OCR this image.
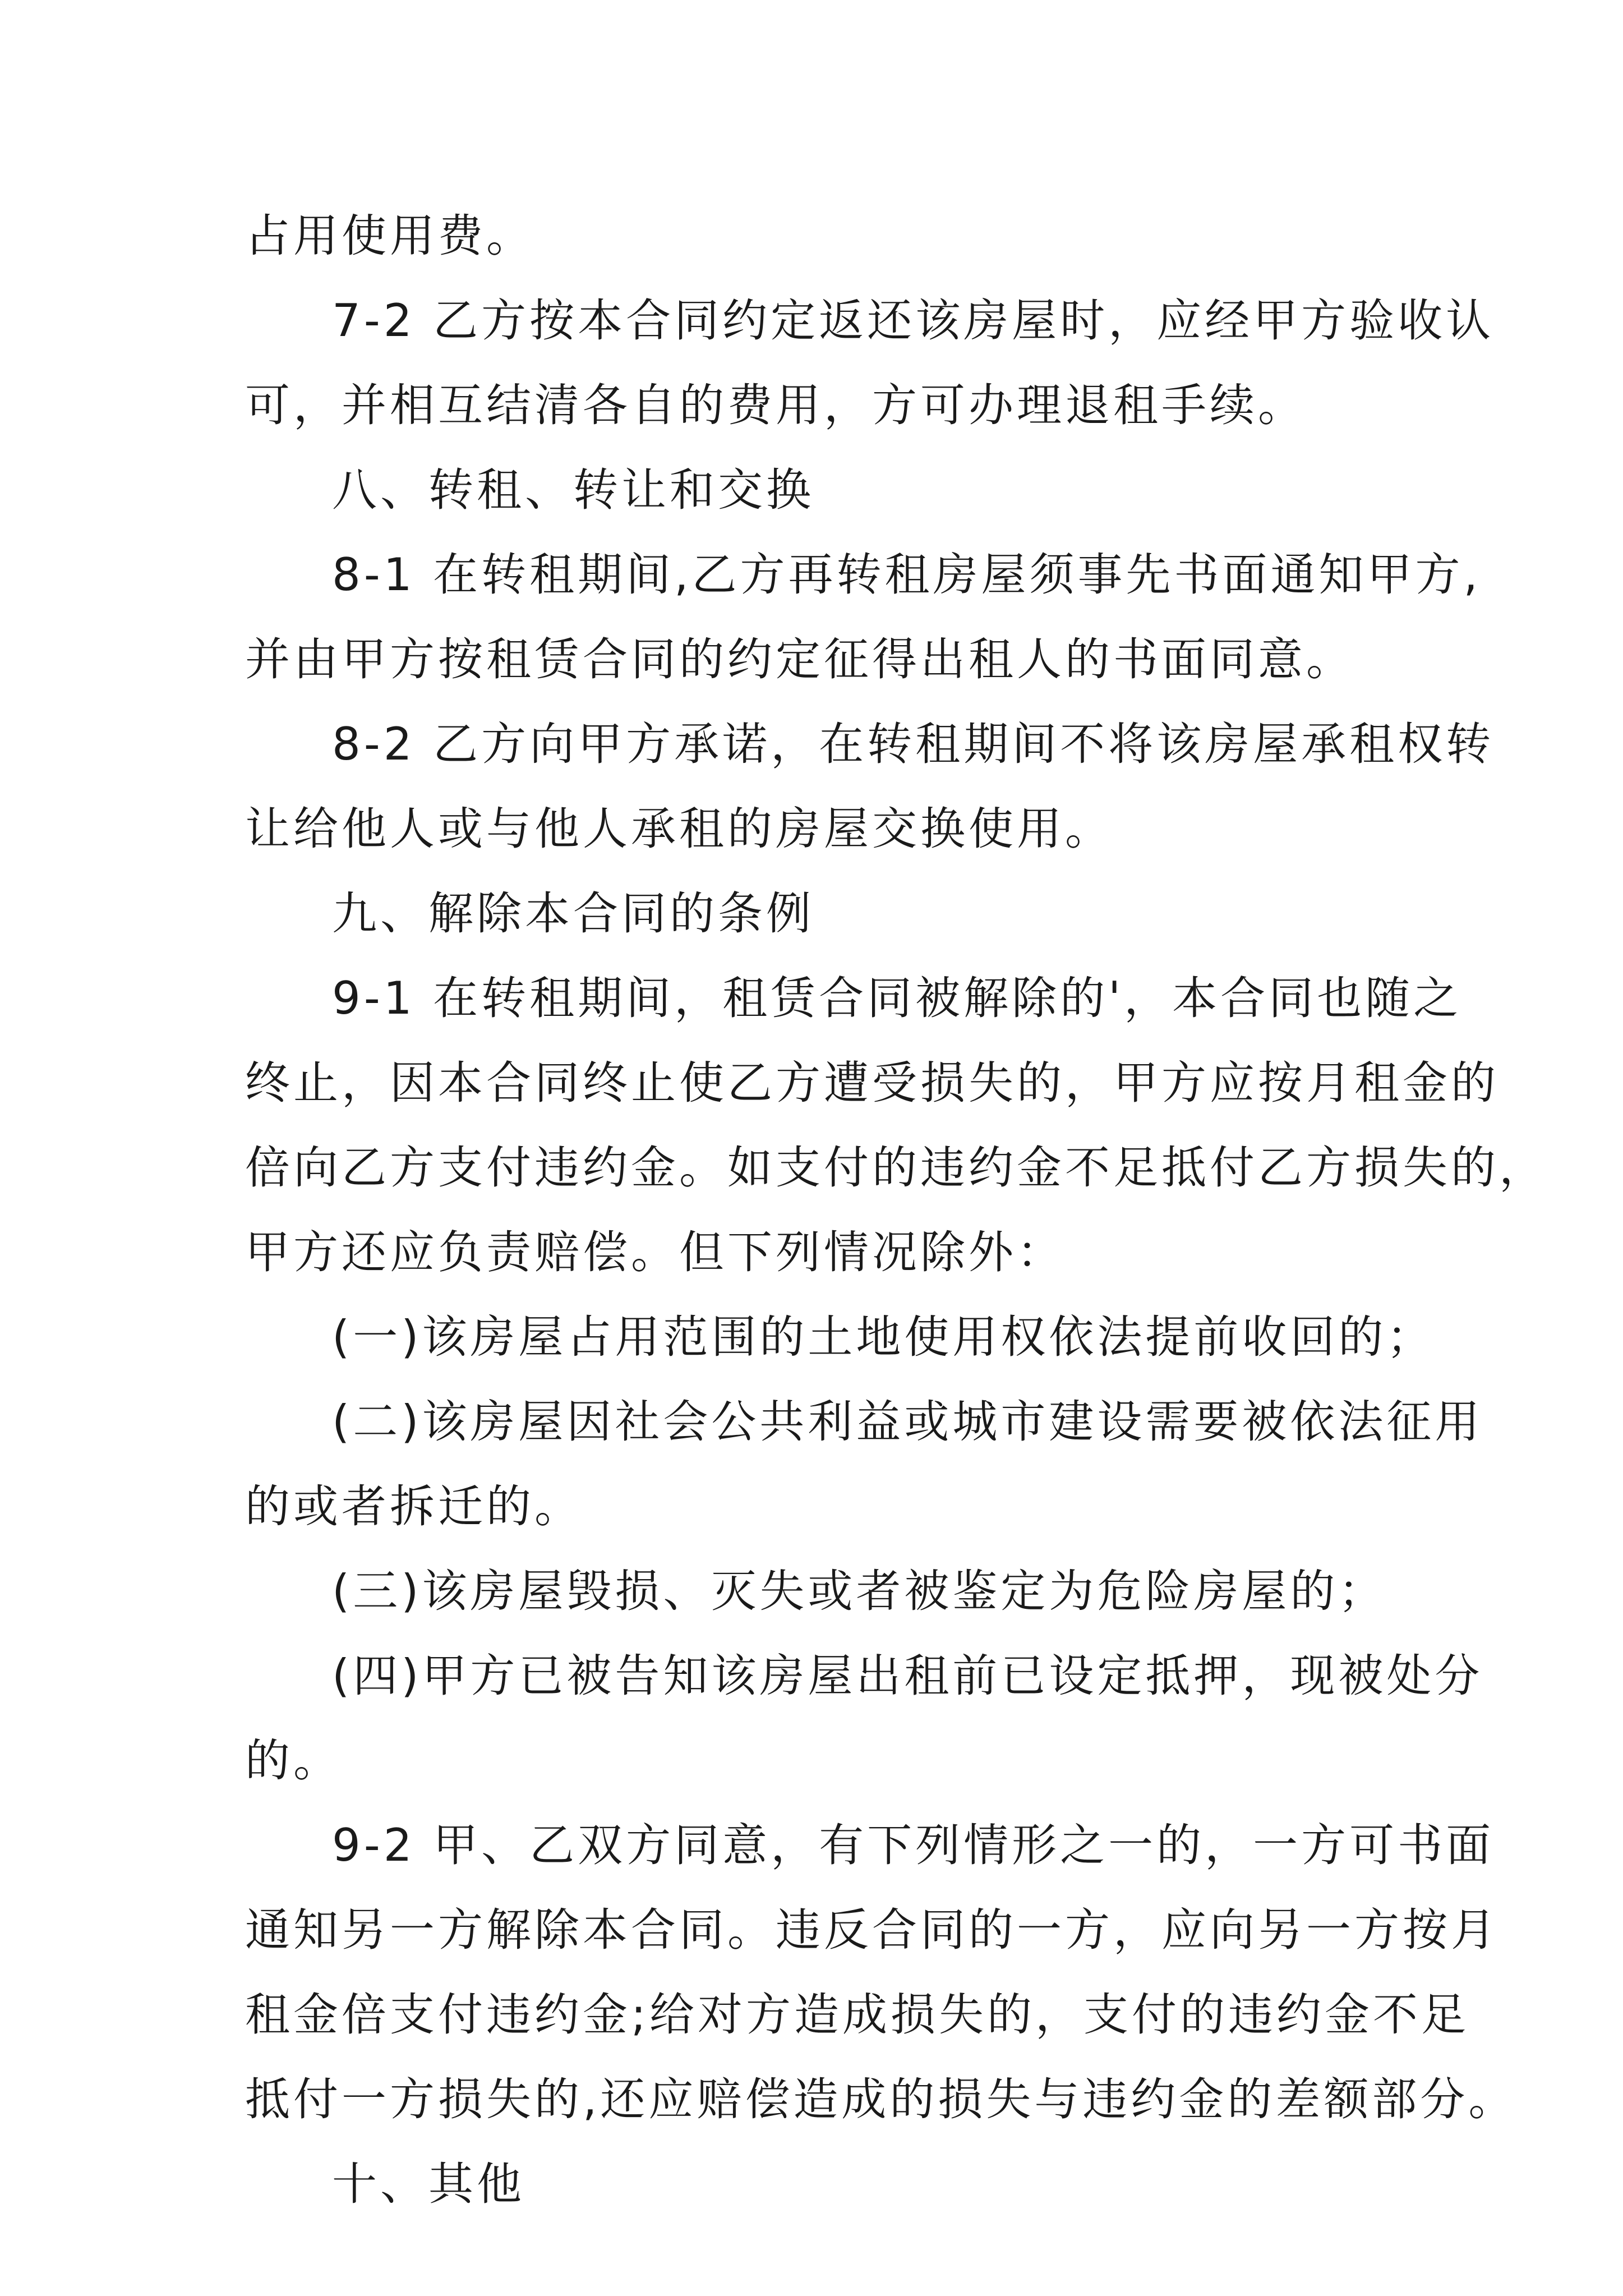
占用使用费。
7-2 乙方按本合同约定返还该房屋时，应经甲方验收认
可，并相互结清各自的费用，方可办理退租手续。
八、转租、转让和交换
8-1 在转租期间,乙方再转租房屋须事先书面通知甲方,
并由甲方按租赁合同的约定征得出租人的书面同意。
8-2 乙方向甲方承诺，在转租期间不将该房屋承租权转
让给他人或与他人承租的房屋交换使用。
九、解除本合同的条例
9-1 在转租期间，租赁合同被解除的'，本合同也随之
终止，因本合同终止使乙方遭受损失的，甲方应按月租金的
倍向乙方支付违约金。如支付的违约金不足抵付乙方损失的，
甲方还应负责赔偿。但下列情况除外：
(一)该房屋占用范围的土地使用权依法提前收回的；
(二)该房屋因社会公共利益或城市建设需要被依法征用
的或者拆迁的。
(三)该房屋毁损、灭失或者被鉴定为危险房屋的；
(四)甲方已被告知该房屋出租前已设定抵押，现被处分
的。
9-2 甲、乙双方同意，有下列情形之一的，一方可书面
通知另一方解除本合同。违反合同的一方，应向另一方按月
租金倍支付违约金;给对方造成损失的，支付的违约金不足
抵付一方损失的,还应赔偿造成的损失与违约金的差额部分。
十、其他
